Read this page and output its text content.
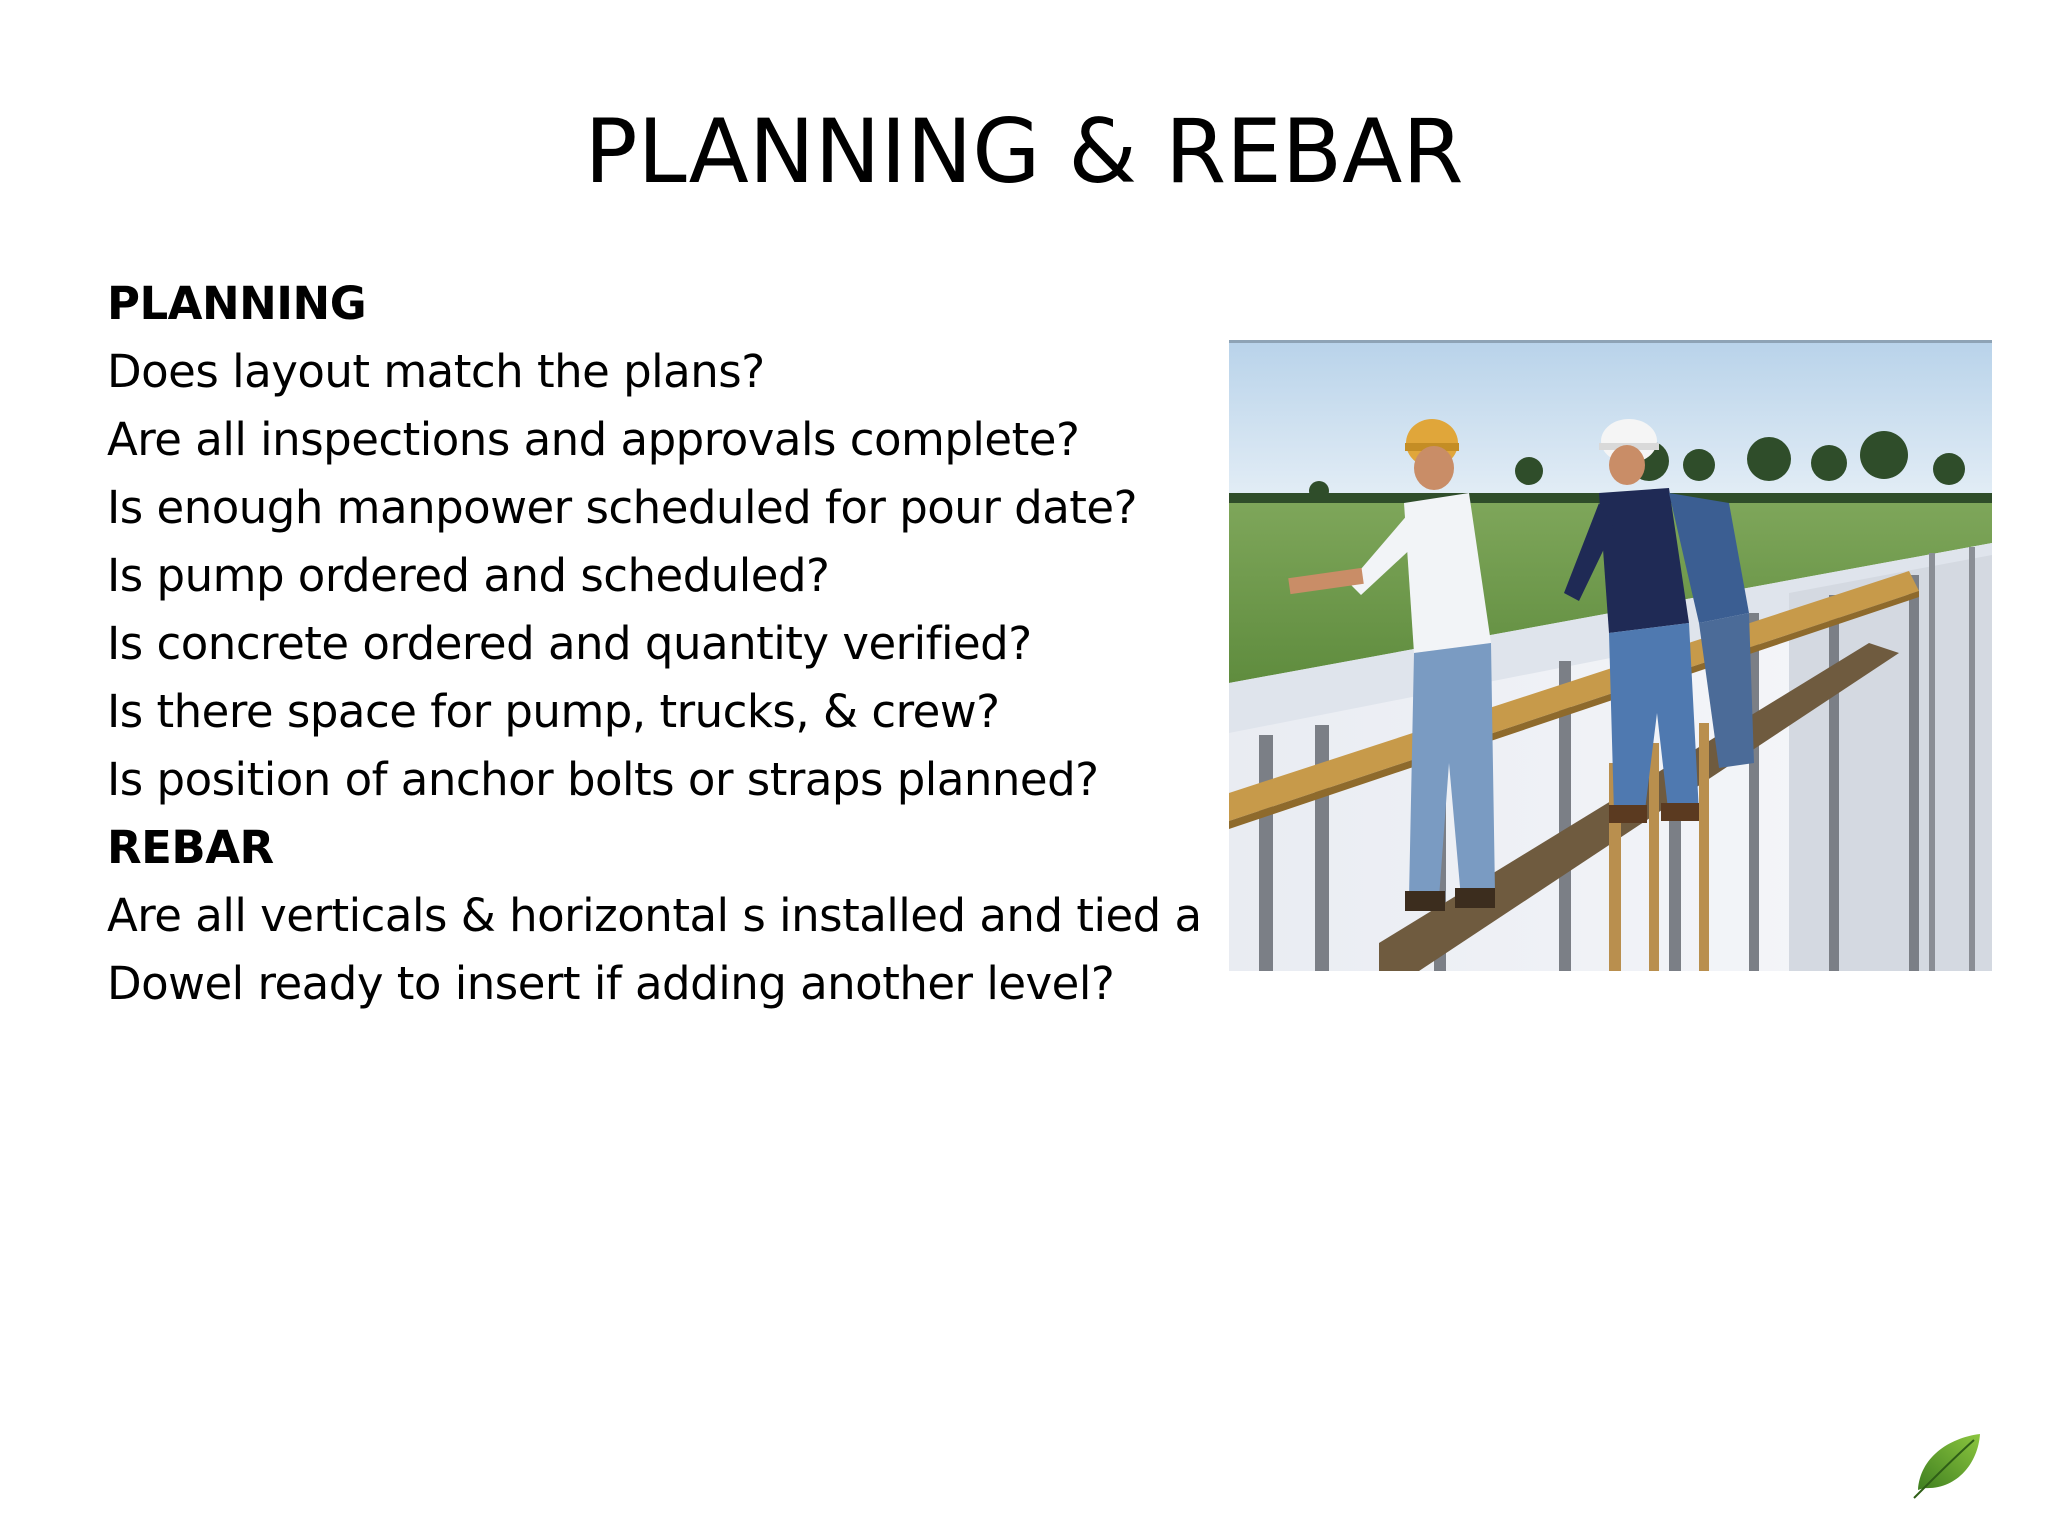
PLANNING & REBAR
PLANNING
Does layout match the plans?
Are all inspections and approvals complete?
Is enough manpower scheduled for pour date?
Is pump ordered and scheduled?
Is concrete ordered and quantity verified?
Is there space for pump, trucks, & crew?
Is position of anchor bolts or straps planned?
REBAR
Are all verticals & horizontal s installed and tied a
Dowel ready to insert if adding another level?
